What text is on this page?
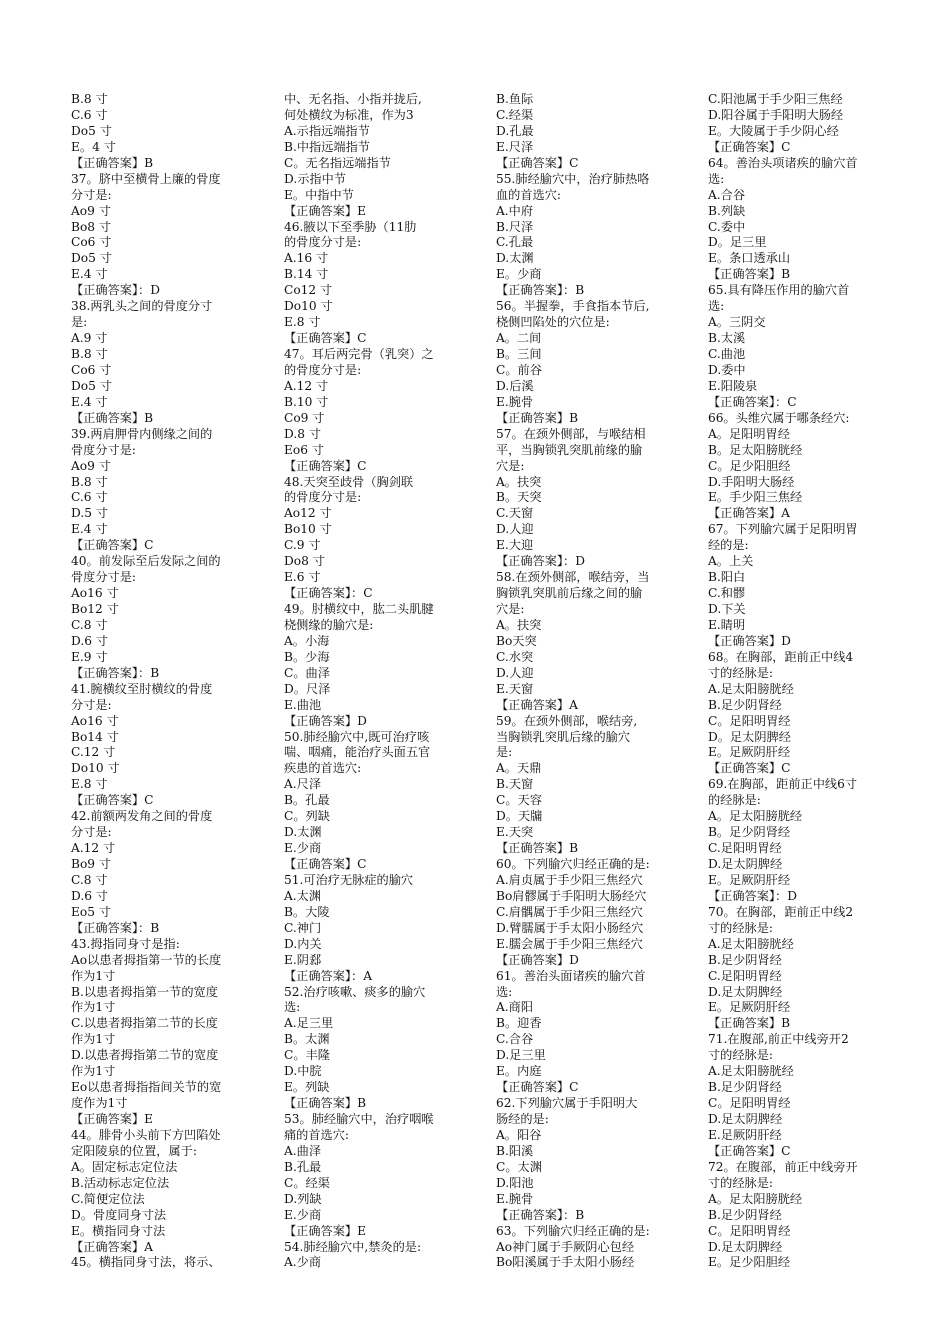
B.8 寸
C.6 寸
Do5 寸
E。4 寸
【正确答案】B
37。脐中至横骨上廉的骨度
分寸是:
Ao9 寸
Bo8 寸
Co6 寸
Do5 寸
E.4 寸
【正确答案】：D
38.两乳头之间的骨度分寸
是:
A.9 寸
B.8 寸
Co6 寸
Do5 寸
E.4 寸
【正确答案】B
39.两肩胛骨内侧缘之间的
骨度分寸是:
Ao9 寸
B.8 寸
C.6 寸
D.5 寸
E.4 寸
【正确答案】C
40。前发际至后发际之间的
骨度分寸是:
Ao16 寸
Bo12 寸
C.8 寸
D.6 寸
E.9 寸
【正确答案】：B
41.腕横纹至肘横纹的骨度
分寸是:
Ao16 寸
Bo14 寸
C.12 寸
Do10 寸
E.8 寸
【正确答案】C
42.前额两发角之间的骨度
分寸是:
A.12 寸
Bo9 寸
C.8 寸
D.6 寸
Eo5 寸
【正确答案】：B
43.拇指同身寸是指:
Ao以患者拇指第一节的长度
作为1寸
B.以患者拇指第一节的宽度
作为1寸
C.以患者拇指第二节的长度
作为1寸
D.以患者拇指第二节的宽度
作为1寸
Eo以患者拇指指间关节的宽
度作为1寸
【正确答案】E
44。腓骨小头前下方凹陷处
定阳陵泉的位置，属于:
A。固定标志定位法
B.活动标志定位法
C.简便定位法
D。骨度同身寸法
E。横指同身寸法
【正确答案】A
45。横指同身寸法，将示、
中、无名指、小指并拢后,
何处横纹为标准，作为3
A.示指远端指节
B.中指远端指节
C。无名指远端指节
D.示指中节
E。中指中节
【正确答案】E
46.腋以下至季胁（11肋
的骨度分寸是:
A.16 寸
B.14 寸
Co12 寸
Do10 寸
E.8 寸
【正确答案】C
47。耳后两完骨（乳突）之
的骨度分寸是:
A.12 寸
B.10 寸
Co9 寸
D.8 寸
Eo6 寸
【正确答案】C
48.天突至歧骨（胸剑联
的骨度分寸是:
Ao12 寸
Bo10 寸
C.9 寸
Do8 寸
E.6 寸
【正确答案】：C
49。肘横纹中，肱二头肌腱
桡侧缘的腧穴是:
A。小海
B。少海
C。曲泽
D。尺泽
E.曲池
【正确答案】D
50.肺经腧穴中,既可治疗咳
喘、咽痛，能治疗头面五官
疾患的首选穴:
A.尺泽
B。孔最
C。列缺
D.太渊
E.少商
【正确答案】C
51.可治疗无脉症的腧穴
A.太渊
B。大陵
C.神门
D.内关
E.阴郄
【正确答案】：A
52.治疗咳嗽、痰多的腧穴
选:
A.足三里
B。太渊
C。丰隆
D.中脘
E。列缺
【正确答案】B
53。肺经腧穴中，治疗咽喉
痛的首选穴:
A.曲泽
B.孔最
C。经渠
D.列缺
E.少商
【正确答案】E
54.肺经腧穴中,禁灸的是:
A.少商
B.鱼际
C.经渠
D.孔最
E.尺泽
【正确答案】C
55.肺经腧穴中，治疗肺热咯
血的首选穴:
A.中府
B.尺泽
C.孔最
D.太渊
E。少商
【正确答案】：B
56。半握拳，手食指本节后,
桡侧凹陷处的穴位是:
A。二间
B。三间
C。前谷
D.后溪
E.腕骨
【正确答案】B
57。在颈外侧部，与喉结相
平，当胸锁乳突肌前缘的腧
穴是:
A。扶突
B。天突
C.天窗
D.人迎
E.大迎
【正确答案】：D
58.在颈外侧部，喉结旁，当
胸锁乳突肌前后缘之间的腧
穴是:
A。扶突
Bo天突
C.水突
D.人迎
E.天窗
【正确答案】A
59。在颈外侧部，喉结旁,
当胸锁乳突肌后缘的腧穴
是:
A。天鼎
B.天窗
C。天容
D。天牖
E.天突
【正确答案】B
60。下列腧穴归经正确的是:
A.肩贞属于手少阳三焦经穴
Bo肩髎属于手阳明大肠经穴
C.肩髃属于手少阳三焦经穴
D.臂臑属于手太阳小肠经穴
E.臑会属于手少阳三焦经穴
【正确答案】D
61。善治头面诸疾的腧穴首
选:
A.商阳
B。迎香
C.合谷
D.足三里
E。内庭
【正确答案】C
62.下列腧穴属于手阳明大
肠经的是:
A。阳谷
B.阳溪
C。太渊
D.阳池
E.腕骨
【正确答案】：B
63。下列腧穴归经正确的是:
Ao神门属于手厥阴心包经
Bo阳溪属于手太阳小肠经
C.阳池属于手少阳三焦经
D.阳谷属于手阳明大肠经
E。大陵属于手少阴心经
【正确答案】C
64。善治头项诸疾的腧穴首
选:
A.合谷
B.列缺
C.委中
D。足三里
E。条口透承山
【正确答案】B
65.具有降压作用的腧穴首
选:
A。三阴交
B.太溪
C.曲池
D.委中
E.阳陵泉
【正确答案】：C
66。头维穴属于哪条经穴:
A。足阳明胃经
B。足太阳膀胱经
C。足少阳胆经
D.手阳明大肠经
E。手少阳三焦经
【正确答案】A
67。下列腧穴属于足阳明胃
经的是:
A。上关
B.阳白
C.和髎
D.下关
E.睛明
【正确答案】D
68。在胸部，距前正中线4
寸的经脉是:
A.足太阳膀胱经
B.足少阴肾经
C。足阳明胃经
D。足太阴脾经
E。足厥阴肝经
【正确答案】C
69.在胸部，距前正中线6寸
的经脉是:
A。足太阳膀胱经
B。足少阴肾经
C.足阳明胃经
D.足太阴脾经
E。足厥阴肝经
【正确答案】：D
70。在胸部，距前正中线2
寸的经脉是:
A.足太阳膀胱经
B.足少阴肾经
C.足阳明胃经
D.足太阴脾经
E。足厥阴肝经
【正确答案】B
71.在腹部,前正中线旁开2
寸的经脉是:
A.足太阳膀胱经
B.足少阴肾经
C。足阳明胃经
D.足太阴脾经
E.足厥阴肝经
【正确答案】C
72。在腹部，前正中线旁开
寸的经脉是:
A。足太阳膀胱经
B.足少阴肾经
C。足阳明胃经
D.足太阴脾经
E。足少阳胆经
